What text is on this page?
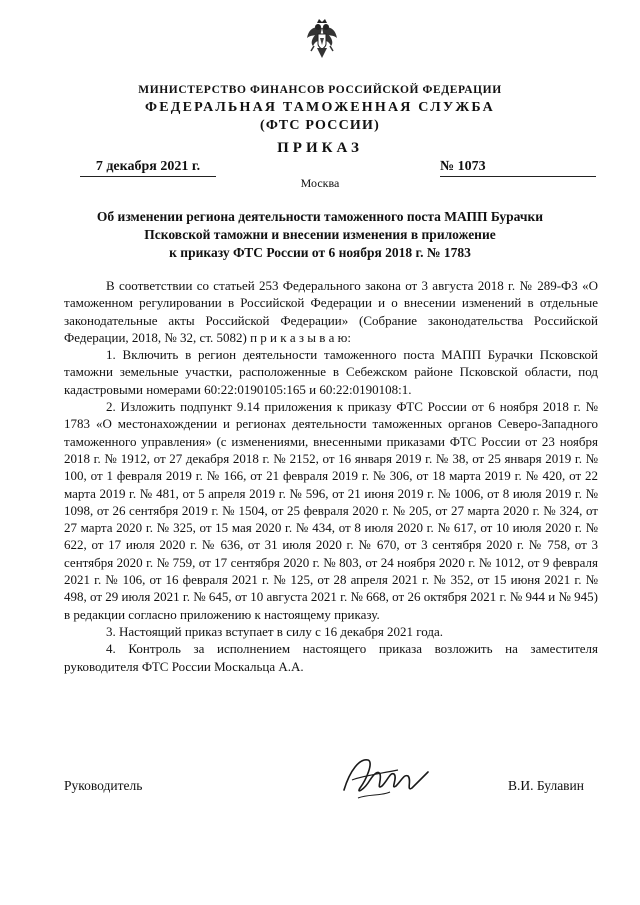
МИНИСТЕРСТВО ФИНАНСОВ РОССИЙСКОЙ ФЕДЕРАЦИИ
ФЕДЕРАЛЬНАЯ ТАМОЖЕННАЯ СЛУЖБА
(ФТС РОССИИ)
ПРИКАЗ
7 декабря 2021 г.	№ 1073
Москва
Об изменении региона деятельности таможенного поста МАПП Бурачки
Псковской таможни и внесении изменения в приложение
к приказу ФТС России от 6 ноября 2018 г. № 1783

В соответствии со статьей 253 Федерального закона от 3 августа 2018 г. № 289-ФЗ «О таможенном регулировании в Российской Федерации и о внесении изменений в отдельные законодательные акты Российской Федерации» (Собрание законодательства Российской Федерации, 2018, № 32, ст. 5082) п р и к а з ы в а ю:

1. Включить в регион деятельности таможенного поста МАПП Бурачки Псковской таможни земельные участки, расположенные в Себежском районе Псковской области, под кадастровыми номерами 60:22:0190105:165 и 60:22:0190108:1.

2. Изложить подпункт 9.14 приложения к приказу ФТС России от 6 ноября 2018 г. № 1783 «О местонахождении и регионах деятельности таможенных органов Северо-Западного таможенного управления» (с изменениями, внесенными приказами ФТС России от 23 ноября 2018 г. № 1912, от 27 декабря 2018 г. № 2152, от 16 января 2019 г. № 38, от 25 января 2019 г. № 100, от 1 февраля 2019 г. № 166, от 21 февраля 2019 г. № 306, от 18 марта 2019 г. № 420, от 22 марта 2019 г. № 481, от 5 апреля 2019 г. № 596, от 21 июня 2019 г. № 1006, от 8 июля 2019 г. № 1098, от 26 сентября 2019 г. № 1504, от 25 февраля 2020 г. № 205, от 27 марта 2020 г. № 324, от 27 марта 2020 г. № 325, от 15 мая 2020 г. № 434, от 8 июля 2020 г. № 617, от 10 июля 2020 г. № 622, от 17 июля 2020 г. № 636, от 31 июля 2020 г. № 670, от 3 сентября 2020 г. № 758, от 3 сентября 2020 г. № 759, от 17 сентября 2020 г. № 803, от 24 ноября 2020 г. № 1012, от 9 февраля 2021 г. № 106, от 16 февраля 2021 г. № 125, от 28 апреля 2021 г. № 352, от 15 июня 2021 г. № 498, от 29 июля 2021 г. № 645, от 10 августа 2021 г. № 668, от 26 октября 2021 г. № 944 и № 945) в редакции согласно приложению к настоящему приказу.

3. Настоящий приказ вступает в силу с 16 декабря 2021 года.

4. Контроль за исполнением настоящего приказа возложить на заместителя руководителя ФТС России Москальца А.А.

Руководитель	В.И. Булавин
